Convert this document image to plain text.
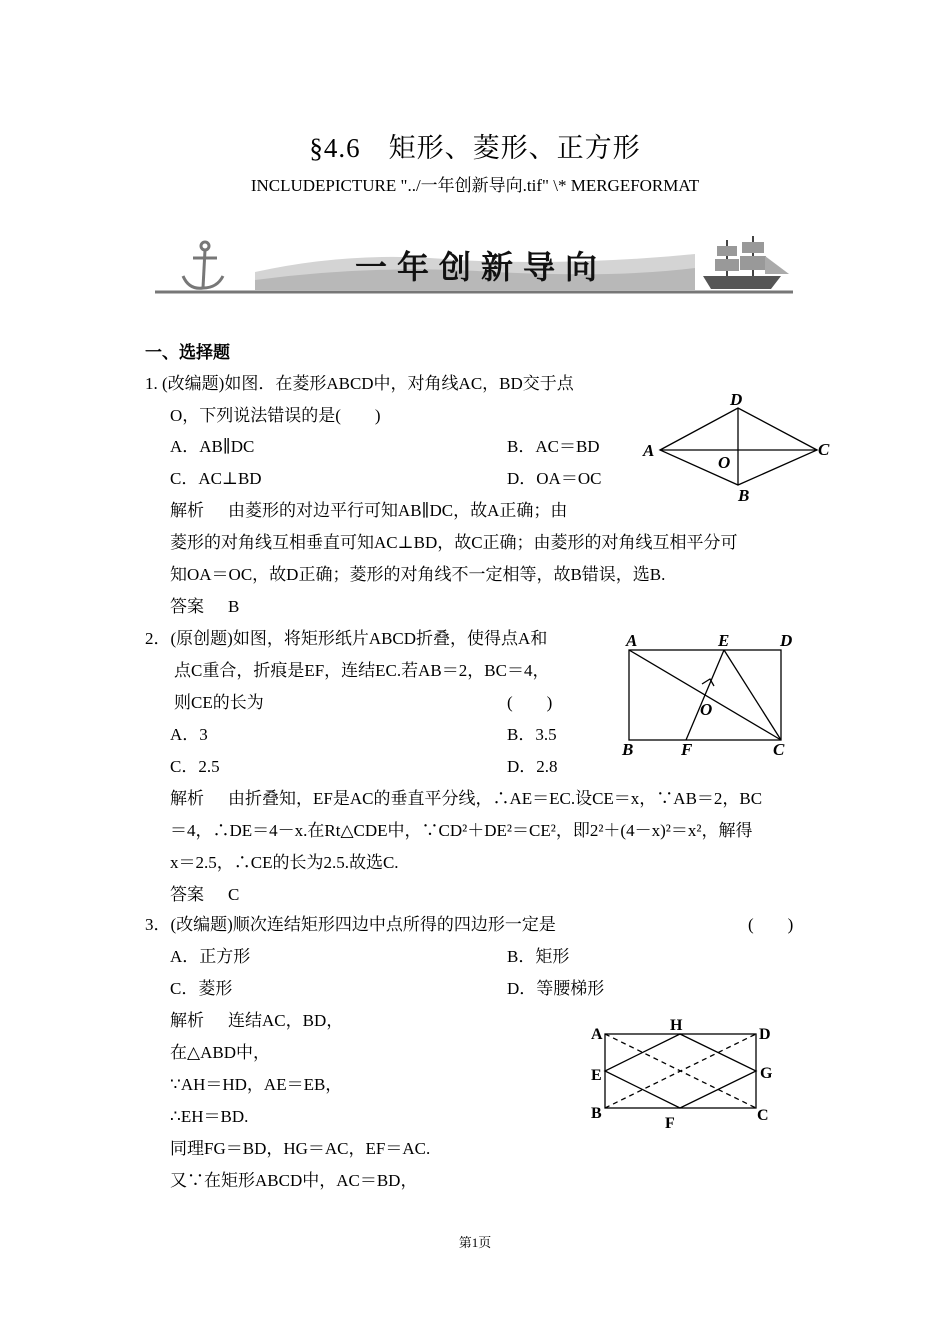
§4.6　矩形、菱形、正方形
INCLUDEPICTURE "../一年创新导向.tif" \* MERGEFORMAT
一年创新导向
一、选择题
1. (改编题)如图．在菱形ABCD中，对角线AC，BD交于点
O，下列说法错误的是(　　)
A．AB∥DC	B．AC＝BD
C．AC⊥BD	D．OA＝OC
解析 由菱形的对边平行可知AB∥DC，故A正确；由
菱形的对角线互相垂直可知AC⊥BD，故C正确；由菱形的对角线互相平分可
知OA＝OC，故D正确；菱形的对角线不一定相等，故B错误，选B.
答案 B
A
D
C
B
O
2．(原创题)如图，将矩形纸片ABCD折叠，使得点A和
点C重合，折痕是EF，连结EC.若AB＝2，BC＝4，
则CE的长为	(　　)
A．3	B．3.5
C．2.5	D．2.8
解析 由折叠知，EF是AC的垂直平分线，∴AE＝EC.设CE＝x，∵AB＝2，BC
＝4，∴DE＝4－x.在Rt△CDE中，∵CD²＋DE²＝CE²，即2²＋(4－x)²＝x²，解得
x＝2.5，∴CE的长为2.5.故选C.
答案 C
A	E	D
B	F	C
O
3．(改编题)顺次连结矩形四边中点所得的四边形一定是	(　　)
A．正方形	B．矩形
C．菱形	D．等腰梯形
解析 连结AC，BD，
在△ABD中，
∵AH＝HD，AE＝EB，
∴EH＝BD.
同理FG＝BD，HG＝AC，EF＝AC.
又∵在矩形ABCD中，AC＝BD，
A
H
D
E	G
B
F	C
第1页
